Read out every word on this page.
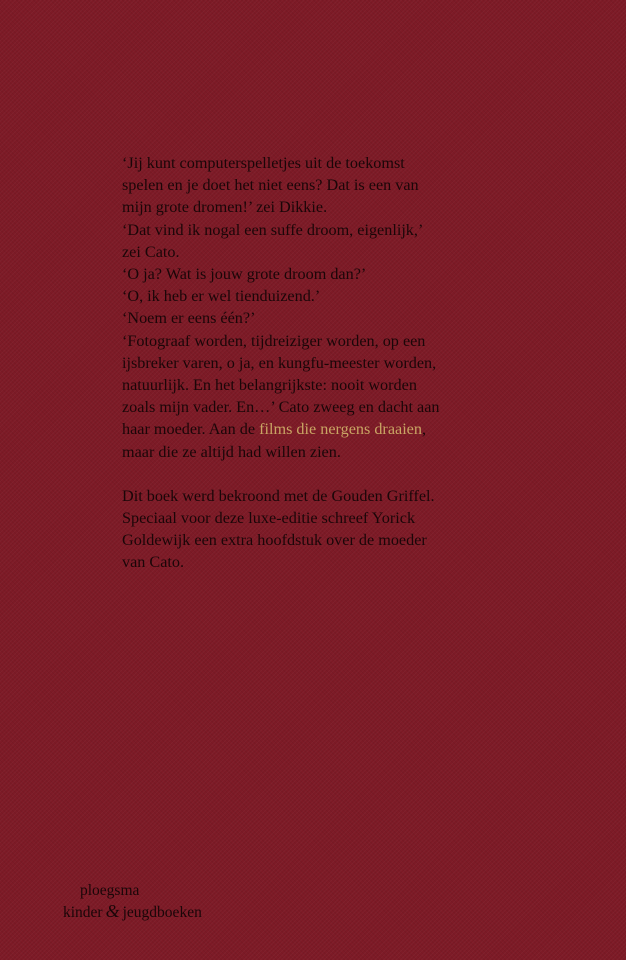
‘Jij kunt computerspelletjes uit de toekomst
spelen en je doet het niet eens? Dat is een van
mijn grote dromen!’ zei Dikkie.
‘Dat vind ik nogal een suffe droom, eigenlijk,’
zei Cato.
‘O ja? Wat is jouw grote droom dan?’
‘O, ik heb er wel tienduizend.’
‘Noem er eens één?’
‘Fotograaf worden, tijdreiziger worden, op een
ijsbreker varen, o ja, en kungfu-meester worden,
natuurlijk. En het belangrijkste: nooit worden
zoals mijn vader. En…’ Cato zweeg en dacht aan
haar moeder. Aan de films die nergens draaien,
maar die ze altijd had willen zien.
Dit boek werd bekroond met de Gouden Griffel.
Speciaal voor deze luxe-editie schreef Yorick
Goldewijk een extra hoofdstuk over de moeder
van Cato.
ploegsma
kinder & jeugdboeken
